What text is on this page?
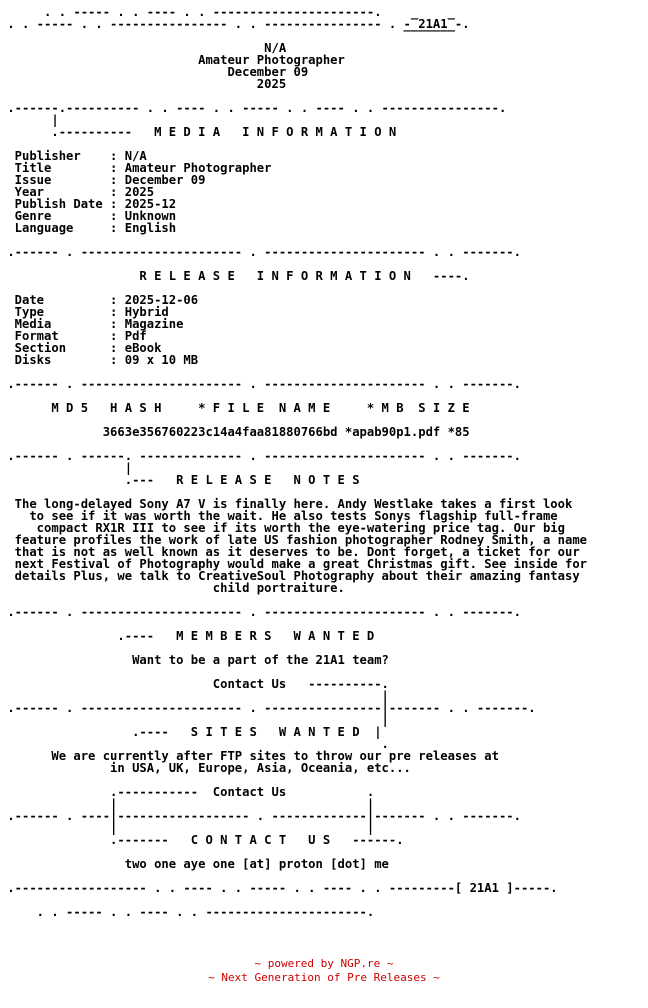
. . ----- . . ---- . . ----------------------.
. . ----- . . ---------------- . . ---------------- . -‾21A1‾-.
‾‾‾‾‾‾‾
N/A
Amateur Photographer
December 09
2025
.------.---------- . . ---- . . ----- . . ---- . . ----------------.
|
.----------   M E D I A   I N F O R M A T I O N
Publisher    : N/A
Title        : Amateur Photographer
Issue        : December 09
Year         : 2025
Publish Date : 2025-12
Genre        : Unknown
Language     : English
.------ . ---------------------- . ---------------------- . . -------.
R E L E A S E   I N F O R M A T I O N   ----.
Date         : 2025-12-06
Type         : Hybrid
Media        : Magazine
Format       : Pdf
Section      : eBook
Disks        : 09 x 10 MB
.------ . ---------------------- . ---------------------- . . -------.
M D 5   H A S H     * F I L E  N A M E     * M B  S I Z E
3663e356760223c14a4faa81880766bd *apab90p1.pdf *85
.------ . ------. -------------- . ---------------------- . . -------.
|
.---   R E L E A S E   N O T E S
The long-delayed Sony A7 V is finally here. Andy Westlake takes a first look
to see if it was worth the wait. He also tests Sonys flagship full-frame
compact RX1R III to see if its worth the eye-watering price tag. Our big
feature profiles the work of late US fashion photographer Rodney Smith, a name
that is not as well known as it deserves to be. Dont forget, a ticket for our
next Festival of Photography would make a great Christmas gift. See inside for
details Plus, we talk to CreativeSoul Photography about their amazing fantasy
child portraiture.
.------ . ---------------------- . ---------------------- . . -------.
.----   M E M B E R S   W A N T E D
Want to be a part of the 21A1 team?
Contact Us   ----------.
|
.------ . ---------------------- . ----------------|------- . . -------.
|
.----   S I T E S   W A N T E D  |
.
We are currently after FTP sites to throw our pre releases at
in USA, UK, Europe, Asia, Oceania, etc...
.-----------  Contact Us           .
|                                  |
.------ . ----|------------------ . -------------|------- . . -------.
|                                  |
.-------   C O N T A C T   U S   ------.
two one aye one [at] proton [dot] me
.------------------ . . ---- . . ----- . . ---- . . ---------[ 21A1 ]-----.
. . ----- . . ---- . . ----------------------.
~ powered by NGP.re ~
~ Next Generation of Pre Releases ~
